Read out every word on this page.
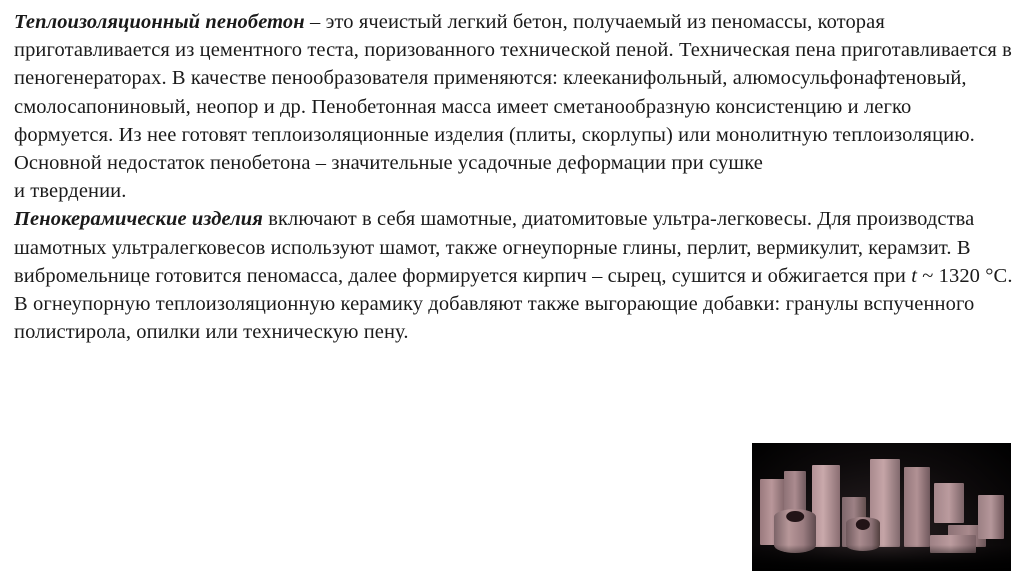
Теплоизоляционный пенобетон – это ячеистый легкий бетон, получаемый из пеномассы, которая приготавливается из цементного теста, поризованного технической пеной. Техническая пена приготавливается в пеногенераторах. В качестве пенообразователя применяются: клееканифольный, алюмосульфонафтеновый, смолосапониновый, неопор и др. Пенобетонная масса имеет сметанообразную консистенцию и легко формуется. Из нее готовят теплоизоляционные изделия (плиты, скорлупы) или монолитную теплоизоляцию. Основной недостаток пенобетона – значительные усадочные деформации при сушке
и твердении.

Пенокерамические изделия включают в себя шамотные, диатомитовые ультра-легковесы. Для производства шамотных ультралегковесов используют шамот, также огнеупорные глины, перлит, вермикулит, керамзит. В вибромельнице готовится пеномасса, далее формируется кирпич – сырец, сушится и обжигается при t ~ 1320 °С. В огнеупорную теплоизоляционную керамику добавляют также выгорающие добавки: гранулы вспученного полистирола, опилки или техническую пену.
